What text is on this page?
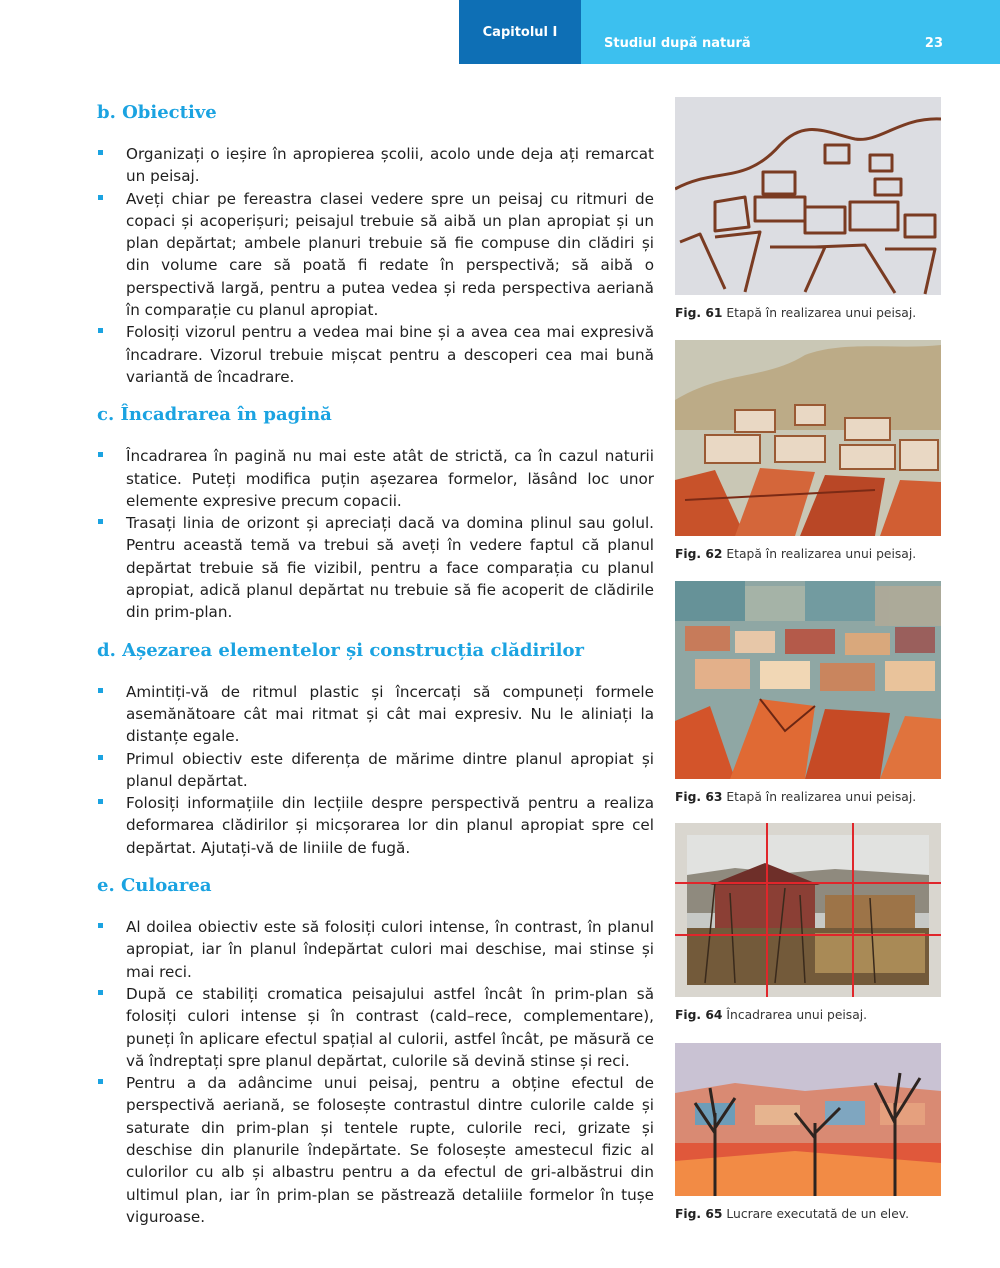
Capitolul I
Studiul după natură	23
b. Obiective
Organizați o ieșire în apropierea școlii, acolo unde deja ați remarcat un peisaj.
Aveți chiar pe fereastra clasei vedere spre un peisaj cu ritmuri de copaci și acoperișuri; peisajul trebuie să aibă un plan apropiat și un plan depărtat; ambele planuri trebuie să fie compuse din clădiri și din volume care să poată fi redate în perspectivă; să aibă o perspectivă largă, pentru a putea vedea și reda perspectiva aeriană în comparație cu planul apropiat.
Folosiți vizorul pentru a vedea mai bine și a avea cea mai expresivă încadrare. Vizorul trebuie mișcat pentru a descoperi cea mai bună variantă de încadrare.
c. Încadrarea în pagină
Încadrarea în pagină nu mai este atât de strictă, ca în cazul naturii statice. Puteți modifica puțin așezarea formelor, lăsând loc unor elemente expresive precum copacii.
Trasați linia de orizont și apreciați dacă va domina plinul sau golul. Pentru această temă va trebui să aveți în vedere faptul că planul depărtat trebuie să fie vizibil, pentru a face comparația cu planul apropiat, adică planul depărtat nu trebuie să fie acoperit de clădirile din prim-plan.
d. Așezarea elementelor și construcția clădirilor
Amintiți-vă de ritmul plastic și încercați să compuneți formele asemănătoare cât mai ritmat și cât mai expresiv. Nu le aliniați la distanțe egale.
Primul obiectiv este diferența de mărime dintre planul apropiat și planul depărtat.
Folosiți informațiile din lecțiile despre perspectivă pentru a realiza deformarea clădirilor și micșorarea lor din planul apropiat spre cel depărtat. Ajutați-vă de liniile de fugă.
e. Culoarea
Al doilea obiectiv este să folosiți culori intense, în contrast, în planul apropiat, iar în planul îndepărtat culori mai deschise, mai stinse și mai reci.
După ce stabiliți cromatica peisajului astfel încât în prim-plan să folosiți culori intense și în contrast (cald–rece, complementare), puneți în aplicare efectul spațial al culorii, astfel încât, pe măsură ce vă îndreptați spre planul depărtat, culorile să devină stinse și reci.
Pentru a da adâncime unui peisaj, pentru a obține efectul de perspectivă aeriană, se folosește contrastul dintre culorile calde și saturate din prim-plan și tentele rupte, culorile reci, grizate și deschise din planurile îndepărtate. Se folosește amestecul fizic al culorilor cu alb și albastru pentru a da efectul de gri-albăstrui din ultimul plan, iar în prim-plan se păstrează detaliile formelor în tușe viguroase.
Fig. 61 Etapă în realizarea unui peisaj.
Fig. 62 Etapă în realizarea unui peisaj.
Fig. 63 Etapă în realizarea unui peisaj.
Fig. 64 Încadrarea unui peisaj.
Fig. 65 Lucrare executată de un elev.
